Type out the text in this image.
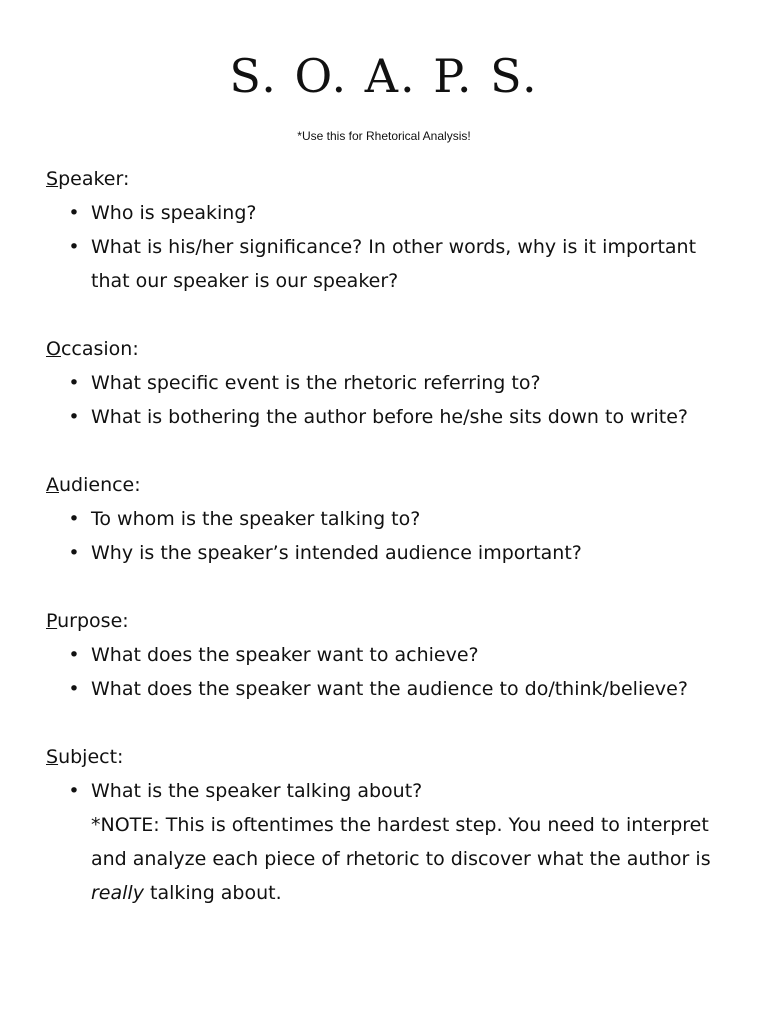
S. O. A. P. S.
*Use this for Rhetorical Analysis!
Speaker:
• Who is speaking?
• What is his/her significance? In other words, why is it important that our speaker is our speaker?
Occasion:
• What specific event is the rhetoric referring to?
• What is bothering the author before he/she sits down to write?
Audience:
• To whom is the speaker talking to?
• Why is the speaker’s intended audience important?
Purpose:
• What does the speaker want to achieve?
• What does the speaker want the audience to do/think/believe?
Subject:
• What is the speaker talking about?
*NOTE: This is oftentimes the hardest step. You need to interpret and analyze each piece of rhetoric to discover what the author is really talking about.
